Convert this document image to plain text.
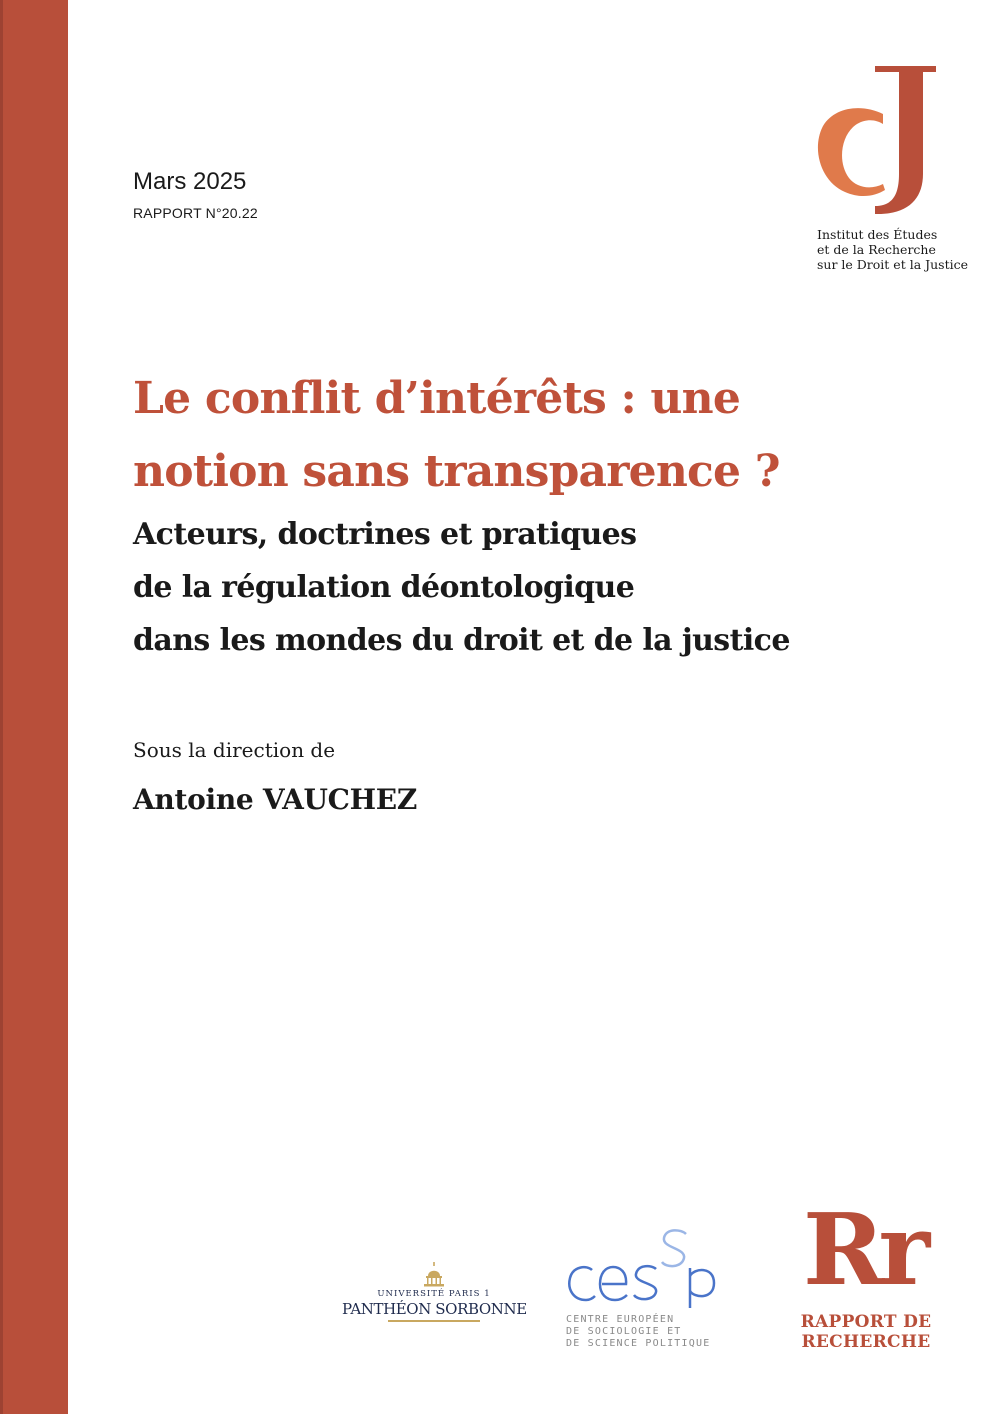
Mars 2025
RAPPORT N°20.22
Institut des Études
et de la Recherche
sur le Droit et la Justice
Le conflit d’intérêts : une
notion sans transparence ?
Acteurs, doctrines et pratiques
de la régulation déontologique
dans les mondes du droit et de la justice
Sous la direction de
Antoine VAUCHEZ
UNIVERSITÉ PARIS 1
PANTHÉON SORBONNE
CENTRE EUROPÉEN
DE SOCIOLOGIE ET
DE SCIENCE POLITIQUE
Rr
RAPPORT DE
RECHERCHE
